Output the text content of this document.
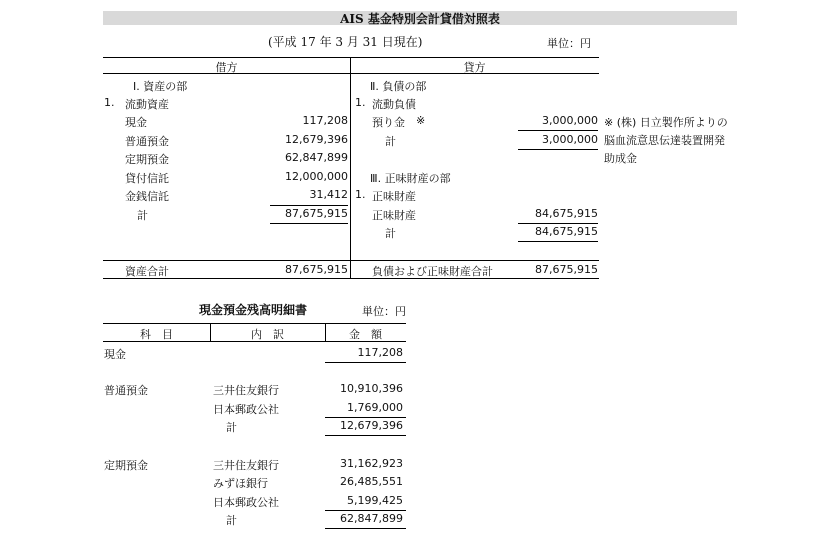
AIS 基金特別会計貸借対照表
(平成 17 年 3 月 31 日現在)	単位：円
借方	貸方
Ⅰ. 資産の部
1. 流動資産
現金	117,208
普通預金	12,679,396
定期預金	62,847,899
貸付信託	12,000,000
金銭信託	31,412
計	87,675,915
資産合計	87,675,915
Ⅱ. 負債の部
1. 流動負債
預り金 ※	3,000,000
計	3,000,000
※ (株) 日立製作所よりの脳血流意思伝達装置開発助成金
Ⅲ. 正味財産の部
1. 正味財産
正味財産	84,675,915
計	84,675,915
負債および正味財産合計	87,675,915
現金預金残高明細書	単位：円
科　目	内　訳	金　額
現金	117,208
普通預金	三井住友銀行	10,910,396
日本郵政公社	1,769,000
計	12,679,396
定期預金	三井住友銀行	31,162,923
みずほ銀行	26,485,551
日本郵政公社	5,199,425
計	62,847,899
